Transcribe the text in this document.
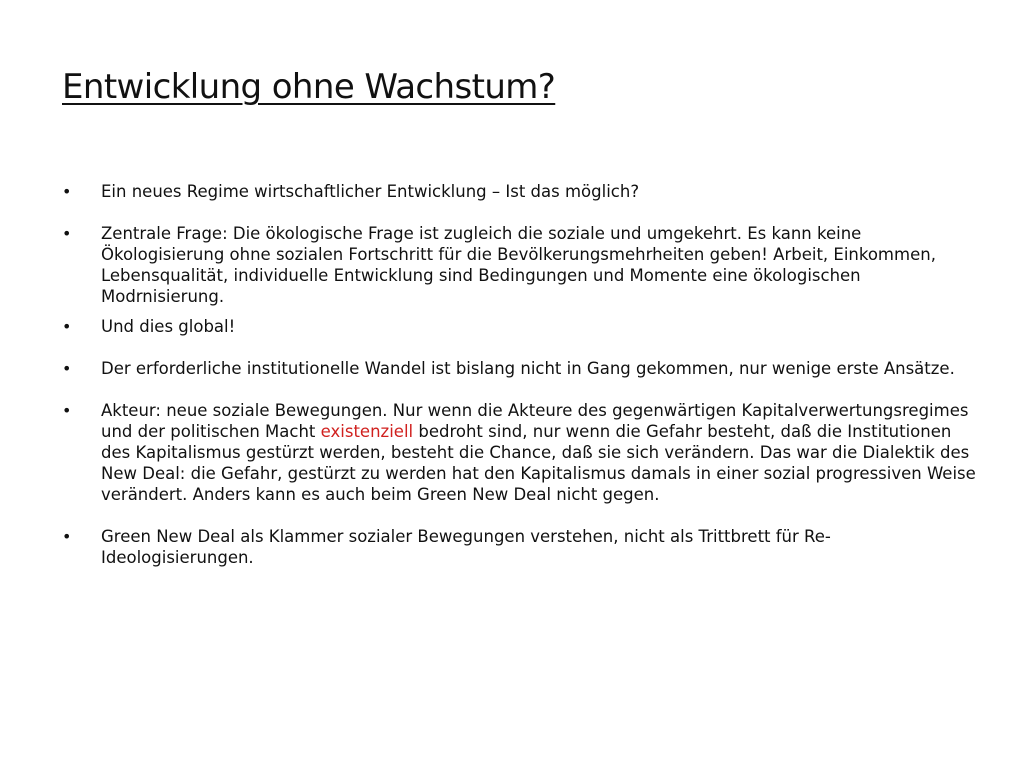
Entwicklung ohne Wachstum?
• Ein neues Regime wirtschaftlicher Entwicklung – Ist das möglich?
• Zentrale Frage: Die ökologische Frage ist zugleich die soziale und umgekehrt. Es kann keine Ökologisierung ohne sozialen Fortschritt für die Bevölkerungsmehrheiten geben! Arbeit, Einkommen, Lebensqualität, individuelle Entwicklung sind Bedingungen und Momente eine ökologischen Modrnisierung.
• Und dies global!
• Der erforderliche institutionelle Wandel ist bislang nicht in Gang gekommen, nur wenige erste Ansätze.
• Akteur: neue soziale Bewegungen. Nur wenn die Akteure des gegenwärtigen Kapitalverwertungsregimes und der politischen Macht existenziell bedroht sind, nur wenn die Gefahr besteht, daß die Institutionen des Kapitalismus gestürzt werden, besteht die Chance, daß sie sich verändern. Das war die Dialektik des New Deal: die Gefahr, gestürzt zu werden hat den Kapitalismus damals in einer sozial progressiven Weise verändert. Anders kann es auch beim Green New Deal nicht gegen.
• Green New Deal als Klammer sozialer Bewegungen verstehen, nicht als Trittbrett für Re-Ideologisierungen.
